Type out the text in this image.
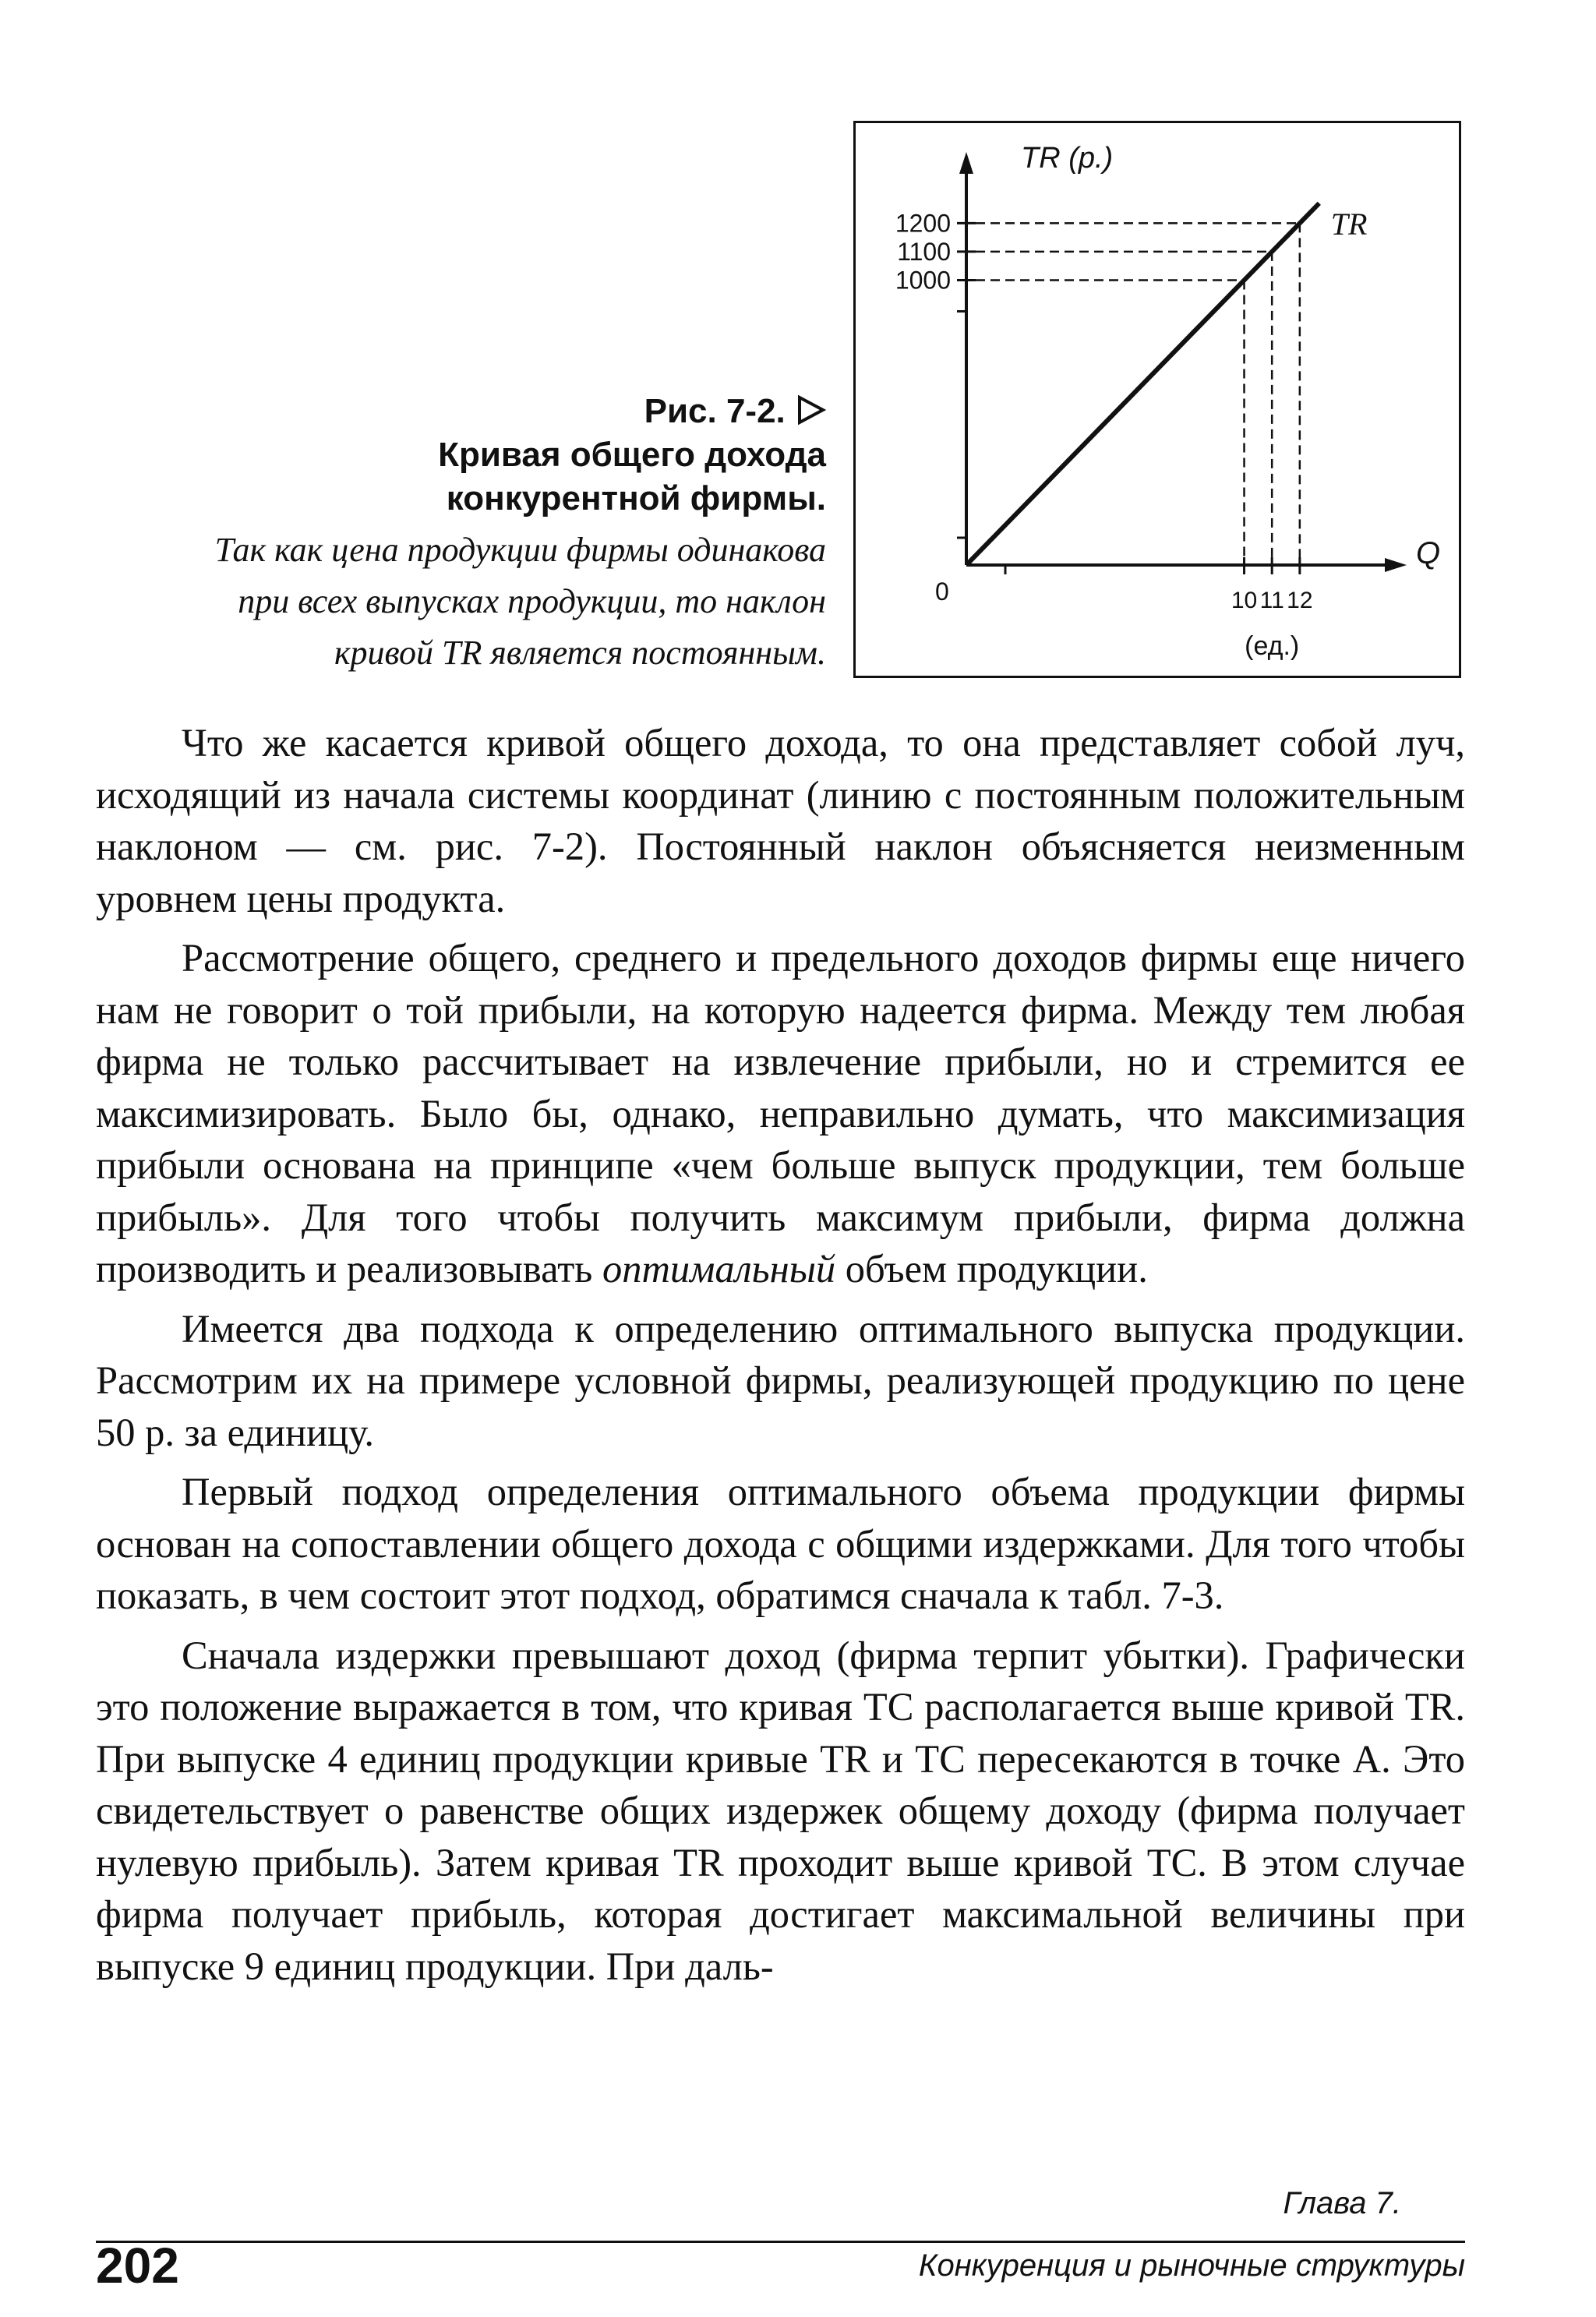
Рис. 7-2.
Кривая общего дохода
конкурентной фирмы.
Так как цена продукции фирмы одинакова
при всех выпусках продукции, то наклон
кривой TR является постоянным.
TR (р.)
Q
0
1000
1100
1200
10 11 12
(ед.)
TR

Что же касается кривой общего дохода, то она представляет собой луч, исходящий из начала системы координат (линию с постоянным положительным наклоном — см. рис. 7-2). Постоянный наклон объясняется неизменным уровнем цены продукта.

Рассмотрение общего, среднего и предельного доходов фирмы еще ничего нам не говорит о той прибыли, на которую надеется фирма. Между тем любая фирма не только рассчитывает на извлечение прибыли, но и стремится ее максимизировать. Было бы, однако, неправильно думать, что максимизация прибыли основана на принципе «чем больше выпуск продукции, тем больше прибыль». Для того чтобы получить максимум прибыли, фирма должна производить и реализовывать оптимальный объем продукции.

Имеется два подхода к определению оптимального выпуска продукции. Рассмотрим их на примере условной фирмы, реализующей продукцию по цене 50 р. за единицу.

Первый подход определения оптимального объема продукции фирмы основан на сопоставлении общего дохода с общими издержками. Для того чтобы показать, в чем состоит этот подход, обратимся сначала к табл. 7-3.

Сначала издержки превышают доход (фирма терпит убытки). Графически это положение выражается в том, что кривая TC располагается выше кривой TR. При выпуске 4 единиц продукции кривые TR и TC пересекаются в точке A. Это свидетельствует о равенстве общих издержек общему доходу (фирма получает нулевую прибыль). Затем кривая TR проходит выше кривой TC. В этом случае фирма получает прибыль, которая достигает максимальной величины при выпуске 9 единиц продукции. При даль-

Глава 7.
202	Конкуренция и рыночные структуры
